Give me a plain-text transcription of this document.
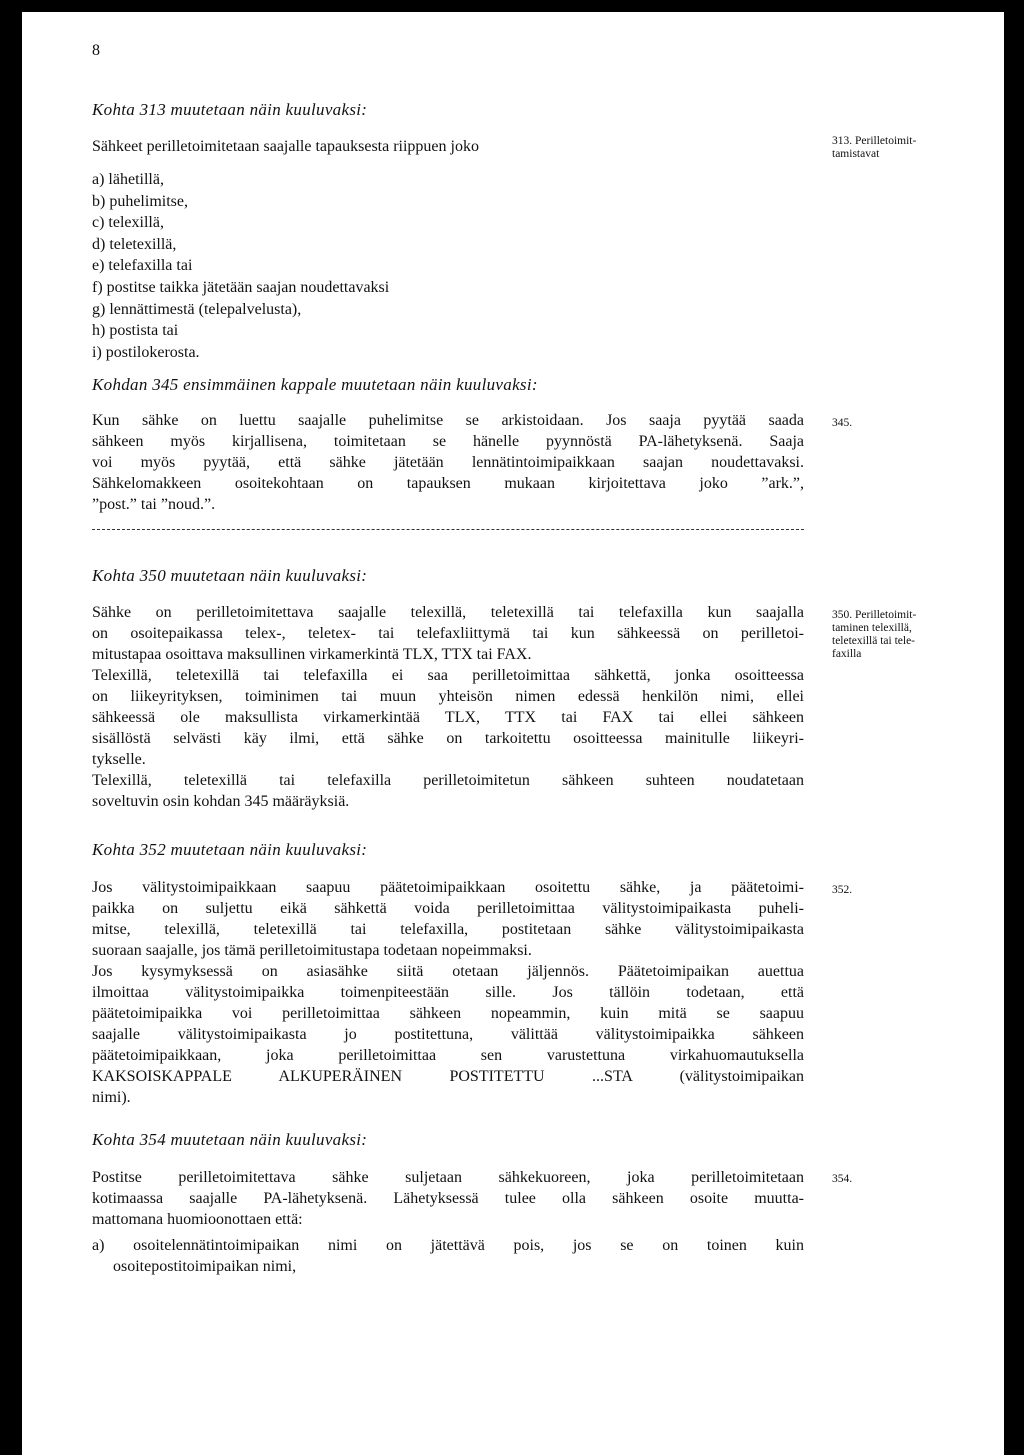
8
Kohta 313 muutetaan näin kuuluvaksi:
Sähkeet perilletoimitetaan saajalle tapauksesta riippuen joko
a) lähetillä,
b) puhelimitse,
c) telexillä,
d) teletexillä,
e) telefaxilla tai
f) postitse taikka jätetään saajan noudettavaksi
g) lennättimestä (telepalvelusta),
h) postista tai
i) postilokerosta.
313. Perilletoimit-
tamistavat
Kohdan 345 ensimmäinen kappale muutetaan näin kuuluvaksi:
Kun sähke on luettu saajalle puhelimitse se arkistoidaan. Jos saaja pyytää saada
sähkeen myös kirjallisena, toimitetaan se hänelle pyynnöstä PA-lähetyksenä. Saaja
voi myös pyytää, että sähke jätetään lennätintoimipaikkaan saajan noudettavaksi.
Sähkelomakkeen osoitekohtaan on tapauksen mukaan kirjoitettava joko ”ark.”,
”post.” tai ”noud.”.
345.
Kohta 350 muutetaan näin kuuluvaksi:
Sähke on perilletoimitettava saajalle telexillä, teletexillä tai telefaxilla kun saajalla
on osoitepaikassa telex-, teletex- tai telefaxliittymä tai kun sähkeessä on perilletoi-
mitustapaa osoittava maksullinen virkamerkintä TLX, TTX tai FAX.
Telexillä, teletexillä tai telefaxilla ei saa perilletoimittaa sähkettä, jonka osoitteessa
on liikeyrityksen, toiminimen tai muun yhteisön nimen edessä henkilön nimi, ellei
sähkeessä ole maksullista virkamerkintää TLX, TTX tai FAX tai ellei sähkeen
sisällöstä selvästi käy ilmi, että sähke on tarkoitettu osoitteessa mainitulle liikeyri-
tykselle.
Telexillä, teletexillä tai telefaxilla perilletoimitetun sähkeen suhteen noudatetaan
soveltuvin osin kohdan 345 määräyksiä.
350. Perilletoimit-
taminen telexillä,
teletexillä tai tele-
faxilla
Kohta 352 muutetaan näin kuuluvaksi:
Jos välitystoimipaikkaan saapuu päätetoimipaikkaan osoitettu sähke, ja päätetoimi-
paikka on suljettu eikä sähkettä voida perilletoimittaa välitystoimipaikasta puheli-
mitse, telexillä, teletexillä tai telefaxilla, postitetaan sähke välitystoimipaikasta
suoraan saajalle, jos tämä perilletoimitustapa todetaan nopeimmaksi.
Jos kysymyksessä on asiasähke siitä otetaan jäljennös. Päätetoimipaikan auettua
ilmoittaa välitystoimipaikka toimenpiteestään sille. Jos tällöin todetaan, että
päätetoimipaikka voi perilletoimittaa sähkeen nopeammin, kuin mitä se saapuu
saajalle välitystoimipaikasta jo postitettuna, välittää välitystoimipaikka sähkeen
päätetoimipaikkaan, joka perilletoimittaa sen varustettuna virkahuomautuksella
KAKSOISKAPPALE ALKUPERÄINEN POSTITETTU ...STA (välitystoimipaikan
nimi).
352.
Kohta 354 muutetaan näin kuuluvaksi:
Postitse perilletoimitettava sähke suljetaan sähkekuoreen, joka perilletoimitetaan
kotimaassa saajalle PA-lähetyksenä. Lähetyksessä tulee olla sähkeen osoite muutta-
mattomana huomioonottaen että:
a) osoitelennätintoimipaikan nimi on jätettävä pois, jos se on toinen kuin
osoitepostitoimipaikan nimi,
354.
